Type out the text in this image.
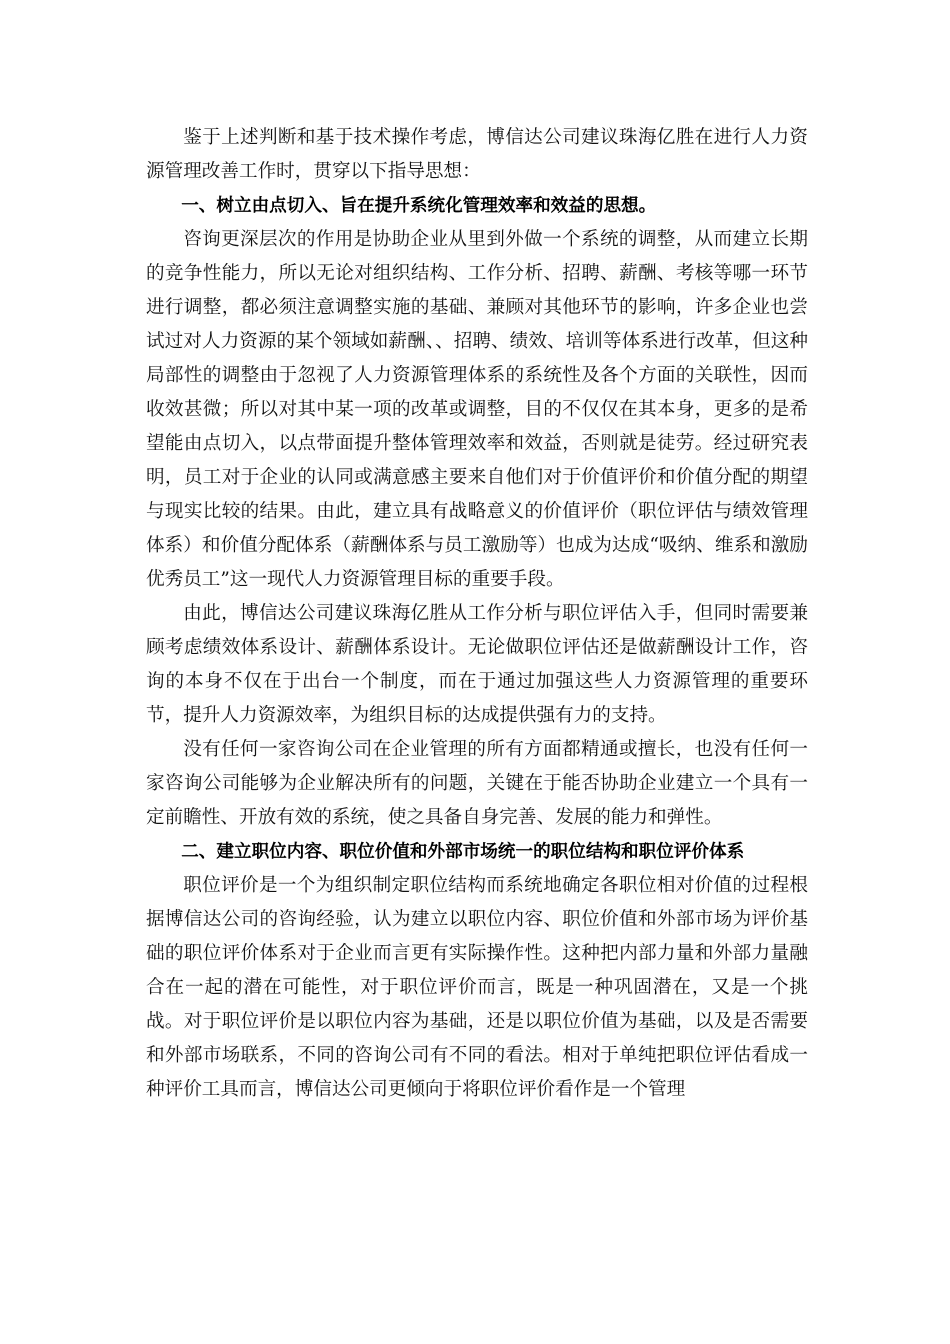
鉴于上述判断和基于技术操作考虑，博信达公司建议珠海亿胜在进行人力资源管理改善工作时，贯穿以下指导思想：

一、树立由点切入、旨在提升系统化管理效率和效益的思想。

咨询更深层次的作用是协助企业从里到外做一个系统的调整，从而建立长期的竞争性能力，所以无论对组织结构、工作分析、招聘、薪酬、考核等哪一环节进行调整，都必须注意调整实施的基础、兼顾对其他环节的影响，许多企业也尝试过对人力资源的某个领域如薪酬、、招聘、绩效、培训等体系进行改革，但这种局部性的调整由于忽视了人力资源管理体系的系统性及各个方面的关联性，因而收效甚微；所以对其中某一项的改革或调整，目的不仅仅在其本身，更多的是希望能由点切入，以点带面提升整体管理效率和效益，否则就是徒劳。经过研究表明，员工对于企业的认同或满意感主要来自他们对于价值评价和价值分配的期望与现实比较的结果。由此，建立具有战略意义的价值评价（职位评估与绩效管理体系）和价值分配体系（薪酬体系与员工激励等）也成为达成“吸纳、维系和激励优秀员工”这一现代人力资源管理目标的重要手段。

由此，博信达公司建议珠海亿胜从工作分析与职位评估入手，但同时需要兼顾考虑绩效体系设计、薪酬体系设计。无论做职位评估还是做薪酬设计工作，咨询的本身不仅在于出台一个制度，而在于通过加强这些人力资源管理的重要环节，提升人力资源效率，为组织目标的达成提供强有力的支持。

没有任何一家咨询公司在企业管理的所有方面都精通或擅长，也没有任何一家咨询公司能够为企业解决所有的问题，关键在于能否协助企业建立一个具有一定前瞻性、开放有效的系统，使之具备自身完善、发展的能力和弹性。

二、建立职位内容、职位价值和外部市场统一的职位结构和职位评价体系

职位评价是一个为组织制定职位结构而系统地确定各职位相对价值的过程根据博信达公司的咨询经验，认为建立以职位内容、职位价值和外部市场为评价基础的职位评价体系对于企业而言更有实际操作性。这种把内部力量和外部力量融合在一起的潜在可能性，对于职位评价而言，既是一种巩固潜在，又是一个挑战。对于职位评价是以职位内容为基础，还是以职位价值为基础，以及是否需要和外部市场联系，不同的咨询公司有不同的看法。相对于单纯把职位评估看成一种评价工具而言，博信达公司更倾向于将职位评价看作是一个管理
